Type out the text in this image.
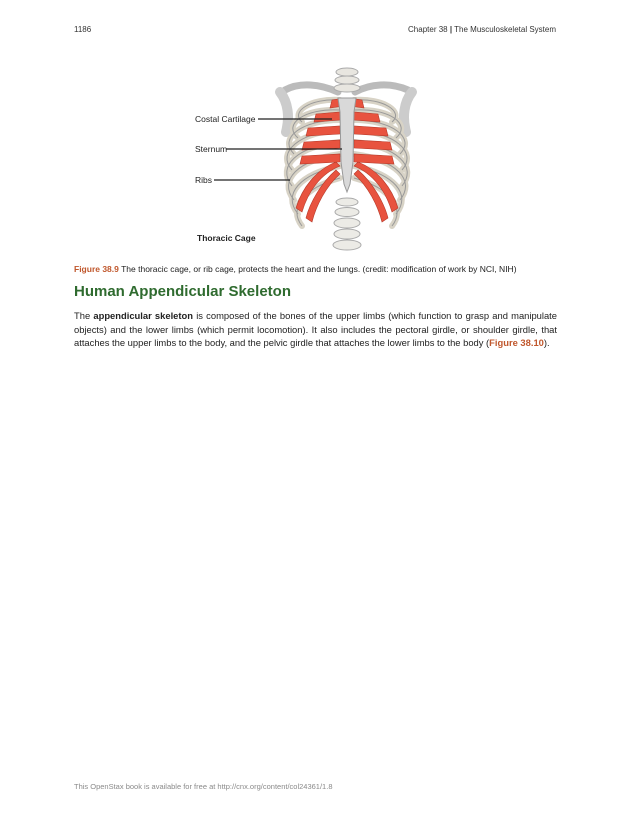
1186	Chapter 38 | The Musculoskeletal System
Costal Cartilage
Sternum
Ribs
Thoracic Cage
Figure 38.9 The thoracic cage, or rib cage, protects the heart and the lungs. (credit: modification of work by NCI, NIH)
Human Appendicular Skeleton
The appendicular skeleton is composed of the bones of the upper limbs (which function to grasp and manipulate objects) and the lower limbs (which permit locomotion). It also includes the pectoral girdle, or shoulder girdle, that attaches the upper limbs to the body, and the pelvic girdle that attaches the lower limbs to the body (Figure 38.10).
This OpenStax book is available for free at http://cnx.org/content/col24361/1.8
